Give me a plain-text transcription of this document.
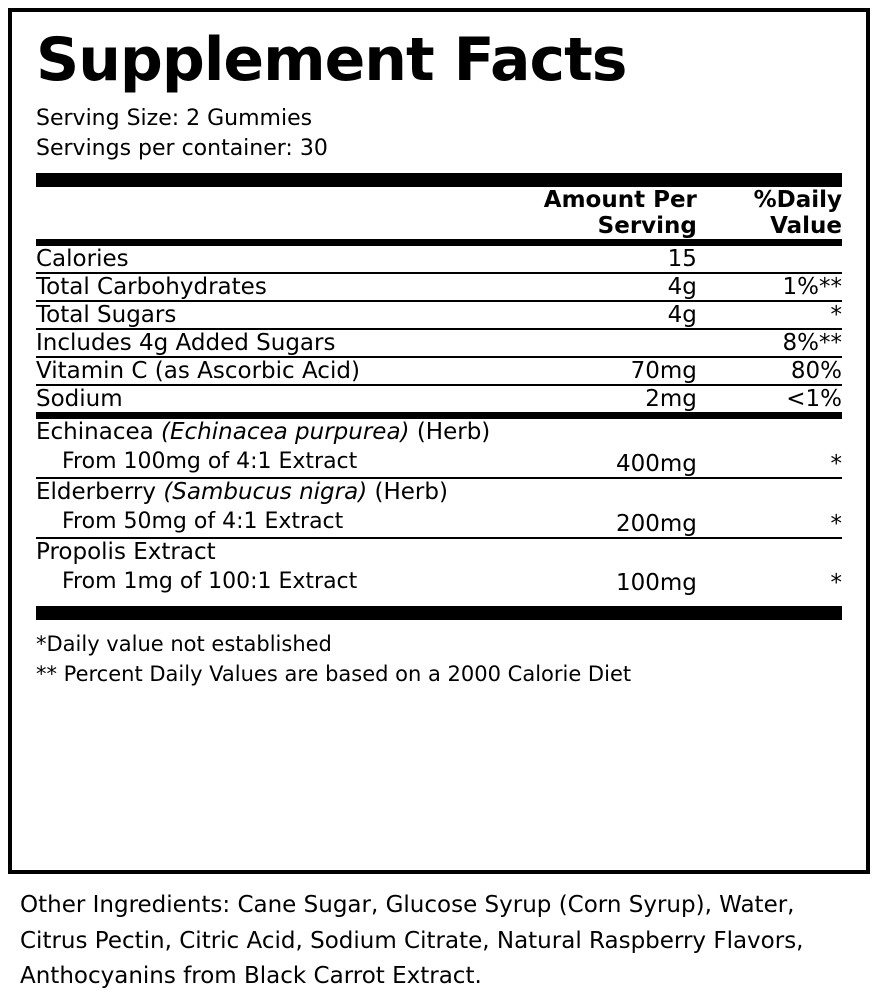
Supplement Facts
Serving Size: 2 Gummies
Servings per container: 30
	Amount Per Serving	%Daily Value
Calories	15	
Total Carbohydrates	4g	1%**
Total Sugars	4g	*
Includes 4g Added Sugars		8%**
Vitamin C (as Ascorbic Acid)	70mg	80%
Sodium	2mg	<1%
Echinacea (Echinacea purpurea) (Herb)
From 100mg of 4:1 Extract	400mg	*
Elderberry (Sambucus nigra) (Herb)
From 50mg of 4:1 Extract	200mg	*
Propolis Extract
From 1mg of 100:1 Extract	100mg	*
*Daily value not established
** Percent Daily Values are based on a 2000 Calorie Diet
Other Ingredients: Cane Sugar, Glucose Syrup (Corn Syrup), Water, Citrus Pectin, Citric Acid, Sodium Citrate, Natural Raspberry Flavors, Anthocyanins from Black Carrot Extract.
